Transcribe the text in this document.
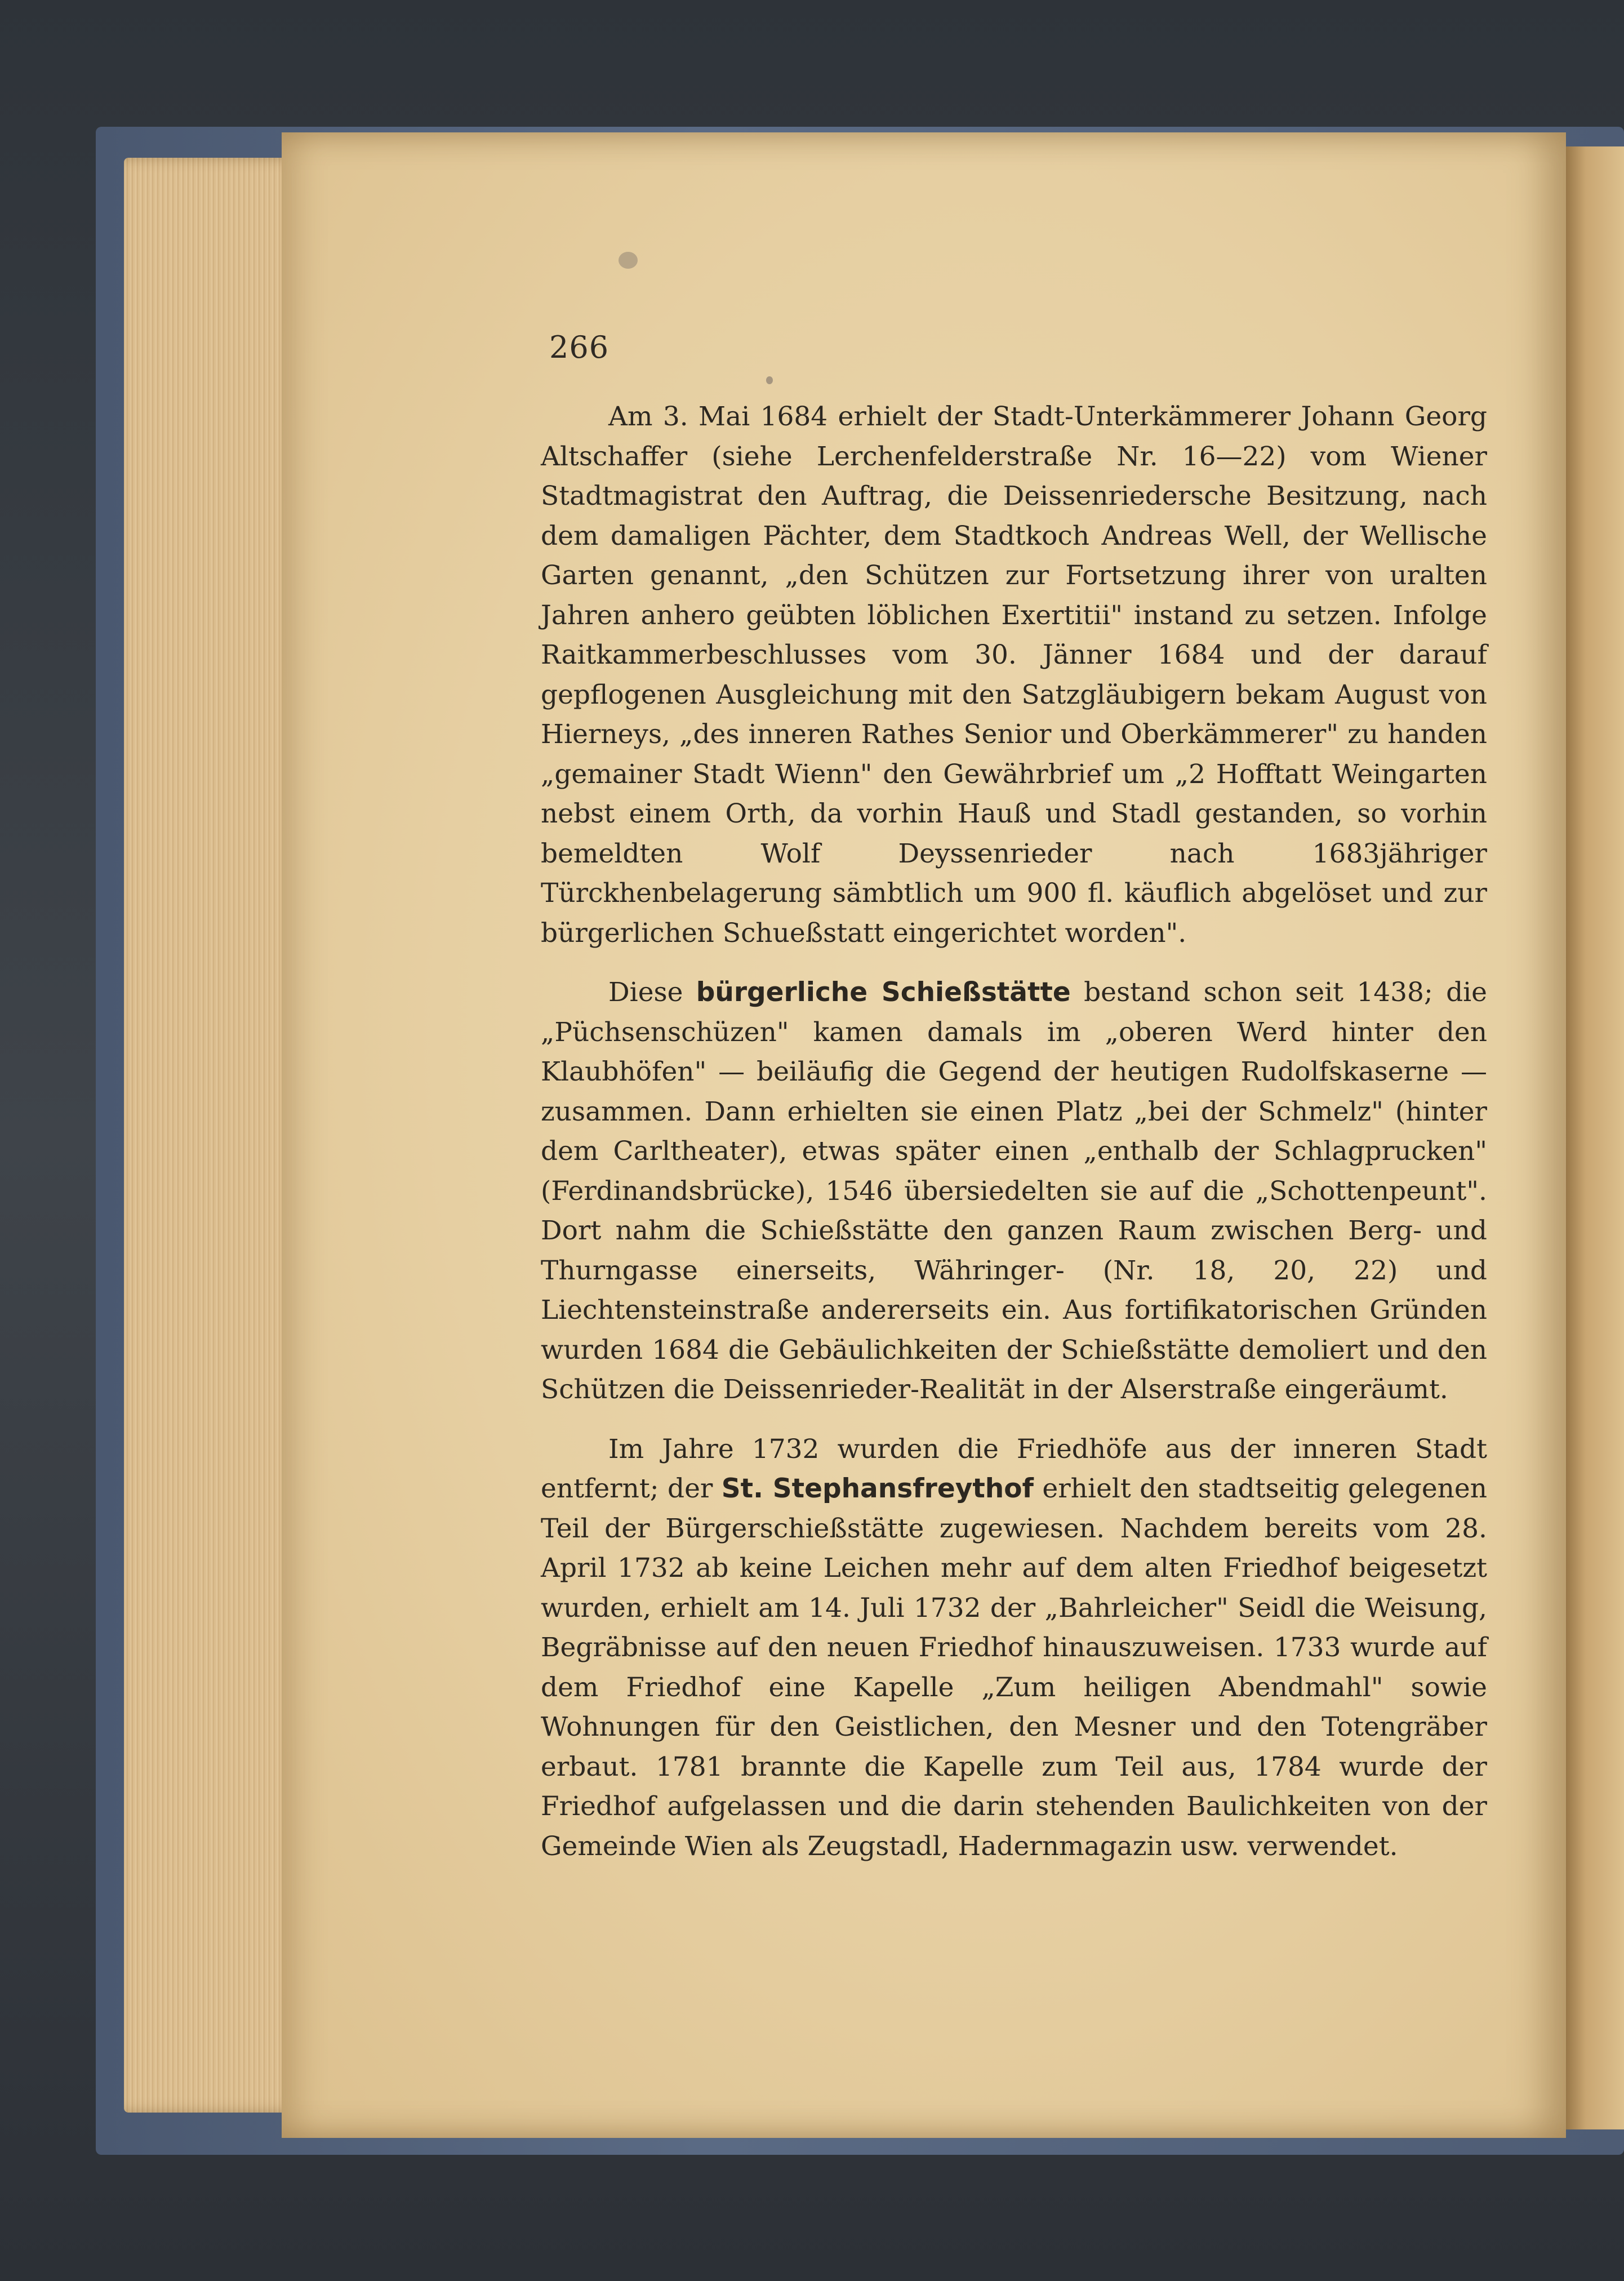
266

Am 3. Mai 1684 erhielt der Stadt-Unterkämmerer Johann Georg Altschaffer (siehe Lerchenfelderstraße Nr. 16—22) vom Wiener Stadtmagistrat den Auftrag, die Deissenriedersche Besitzung, nach dem damaligen Pächter, dem Stadtkoch Andreas Well, der Wellische Garten genannt, „den Schützen zur Fortsetzung ihrer von uralten Jahren anhero geübten löblichen Exertitii" instand zu setzen. Infolge Raitkammerbeschlusses vom 30. Jänner 1684 und der darauf gepflogenen Ausgleichung mit den Satzgläubigern bekam August von Hierneys, „des inneren Rathes Senior und Oberkämmerer" zu handen „gemainer Stadt Wienn" den Gewährbrief um „2 Hofftatt Weingarten nebst einem Orth, da vorhin Hauß und Stadl gestanden, so vorhin bemeldten Wolf Deyssenrieder nach 1683jähriger Türckhenbelagerung sämbtlich um 900 fl. käuflich abgelöset und zur bürgerlichen Schueßstatt eingerichtet worden".

Diese bürgerliche Schießstätte bestand schon seit 1438; die „Püchsenschüzen" kamen damals im „oberen Werd hinter den Klaubhöfen" — beiläufig die Gegend der heutigen Rudolfskaserne — zusammen. Dann erhielten sie einen Platz „bei der Schmelz" (hinter dem Carltheater), etwas später einen „enthalb der Schlagprucken" (Ferdinandsbrücke), 1546 übersiedelten sie auf die „Schottenpeunt". Dort nahm die Schießstätte den ganzen Raum zwischen Berg- und Thurngasse einerseits, Währinger- (Nr. 18, 20, 22) und Liechtensteinstraße andererseits ein. Aus fortifikatorischen Gründen wurden 1684 die Gebäulichkeiten der Schießstätte demoliert und den Schützen die Deissenrieder-Realität in der Alserstraße eingeräumt.

Im Jahre 1732 wurden die Friedhöfe aus der inneren Stadt entfernt; der St. Stephansfreythof erhielt den stadtseitig gelegenen Teil der Bürgerschießstätte zugewiesen. Nachdem bereits vom 28. April 1732 ab keine Leichen mehr auf dem alten Friedhof beigesetzt wurden, erhielt am 14. Juli 1732 der „Bahrleicher" Seidl die Weisung, Begräbnisse auf den neuen Friedhof hinauszuweisen. 1733 wurde auf dem Friedhof eine Kapelle „Zum heiligen Abendmahl" sowie Wohnungen für den Geistlichen, den Mesner und den Totengräber erbaut. 1781 brannte die Kapelle zum Teil aus, 1784 wurde der Friedhof aufgelassen und die darin stehenden Baulichkeiten von der Gemeinde Wien als Zeugstadl, Hadernmagazin usw. verwendet.
